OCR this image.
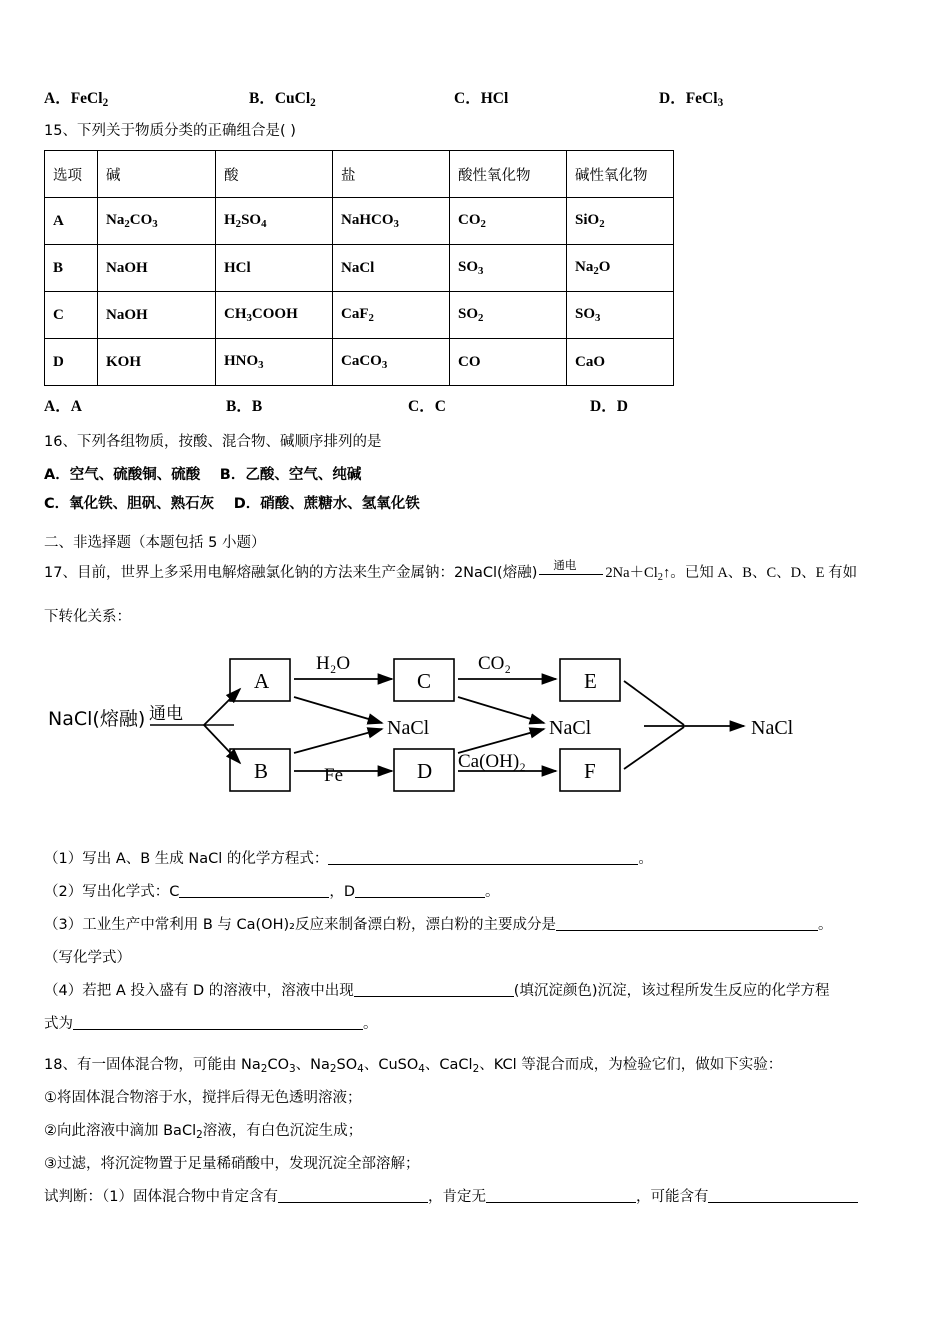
A．FeCl$_2$	B．CuCl$_2$	C．HCl	D．FeCl$_3$
15、下列关于物质分类的正确组合是( )
选项	碱	酸	盐	酸性氧化物	碱性氧化物
A	$Na_2CO_3$	$H_2SO_4$	NaHCO$_3$	$CO_2$	SiO$_2$
B	NaOH	HCl	NaCl	$SO_3$	$Na_2O$
C	NaOH	$CH_3COOH$	CaF$_2$	$SO_2$	$SO_3$
D	KOH	$HNO_3$	CaCO$_3$	CO	CaO
A．A	B．B	C．C	D．D
16、下列各组物质，按酸、混合物、碱顺序排列的是
A．空气、硫酸铜、硫酸　 B．乙酸、空气、纯碱
C．氧化铁、胆矾、熟石灰　 D．硝酸、蔗糖水、氢氧化铁
二、非选择题（本题包括 5 小题）
17、目前，世界上多采用电解熔融氯化钠的方法来生产金属钠：2NaCl(熔融) 通电 $2Na+Cl_2↑$。已知 A、B、C、D、E 有如
下转化关系：
NaCl(熔融) 通电
A
B
H₂O
Fe
NaCl
C
D
CO₂
Ca(OH)₂
NaCl
E
F
NaCl
（1）写出 A、B 生成 NaCl 的化学方程式：	。
（2）写出化学式：C	，D	。
（3）工业生产中常利用 B 与 Ca(OH)₂反应来制备漂白粉，漂白粉的主要成分是	。
（写化学式）
（4）若把 A 投入盛有 D 的溶液中，溶液中出现	(填沉淀颜色)沉淀，该过程所发生反应的化学方程
式为	。
18、有一固体混合物，可能由 $Na_2CO_3$、$Na_2SO_4$、CuSO$_4$、CaCl$_2$、KCl 等混合而成，为检验它们，做如下实验：
①将固体混合物溶于水，搅拌后得无色透明溶液；
②向此溶液中滴加 BaCl$_2$溶液，有白色沉淀生成；
③过滤，将沉淀物置于足量稀硝酸中，发现沉淀全部溶解；
试判断：（1）固体混合物中肯定含有	，肯定无	，可能含有
